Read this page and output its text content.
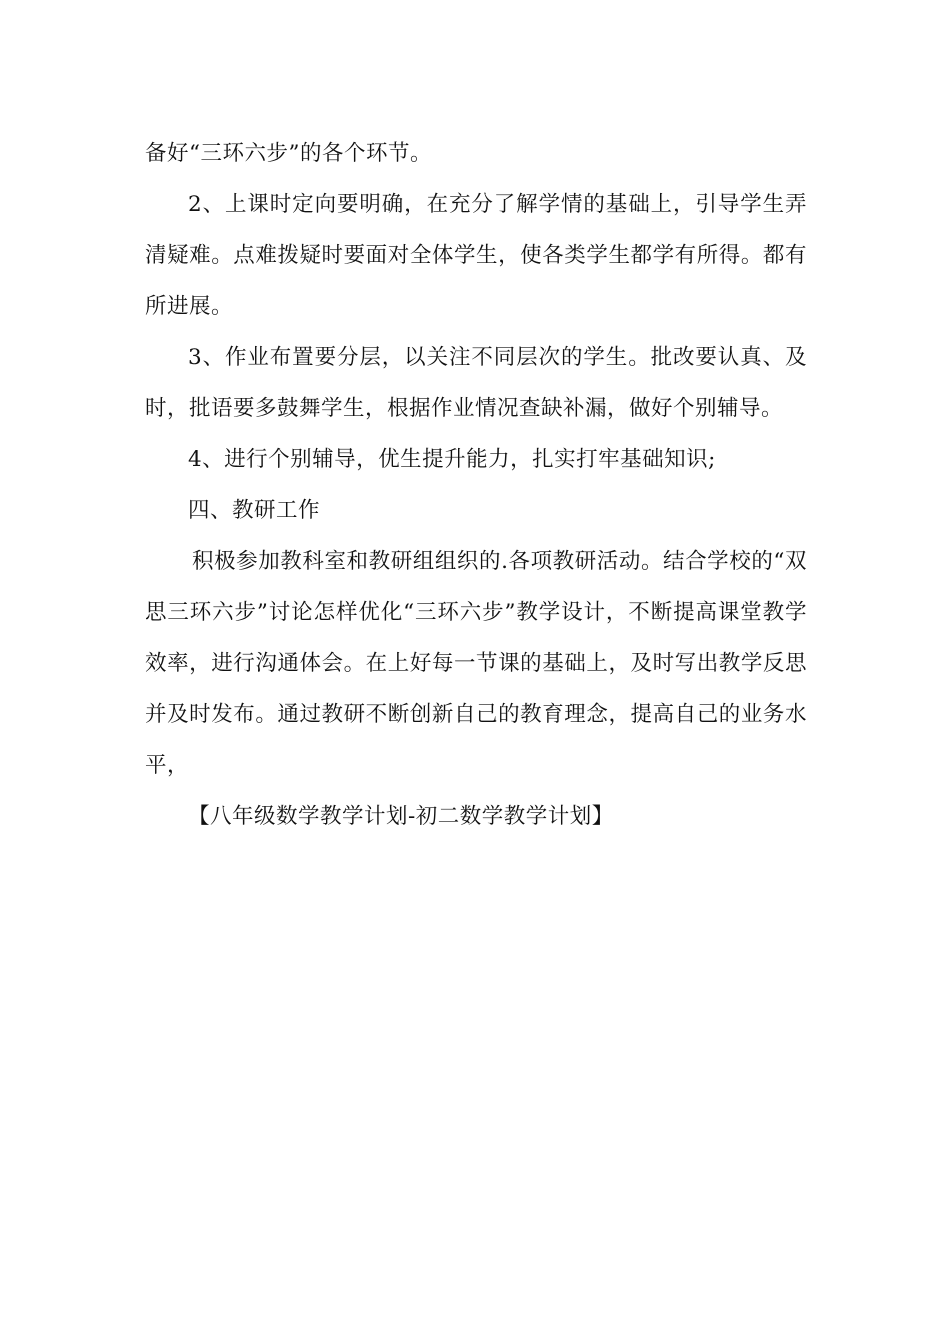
备好“三环六步”的各个环节。

2、上课时定向要明确，在充分了解学情的基础上，引导学生弄清疑难。点难拨疑时要面对全体学生，使各类学生都学有所得。都有所进展。

3、作业布置要分层，以关注不同层次的学生。批改要认真、及时，批语要多鼓舞学生，根据作业情况查缺补漏，做好个别辅导。

4、进行个别辅导，优生提升能力，扎实打牢基础知识;

四、教研工作

积极参加教科室和教研组组织的.各项教研活动。结合学校的“双思三环六步”讨论怎样优化“三环六步”教学设计，不断提高课堂教学效率，进行沟通体会。在上好每一节课的基础上，及时写出教学反思并及时发布。通过教研不断创新自己的教育理念，提高自己的业务水平，

【八年级数学教学计划-初二数学教学计划】
